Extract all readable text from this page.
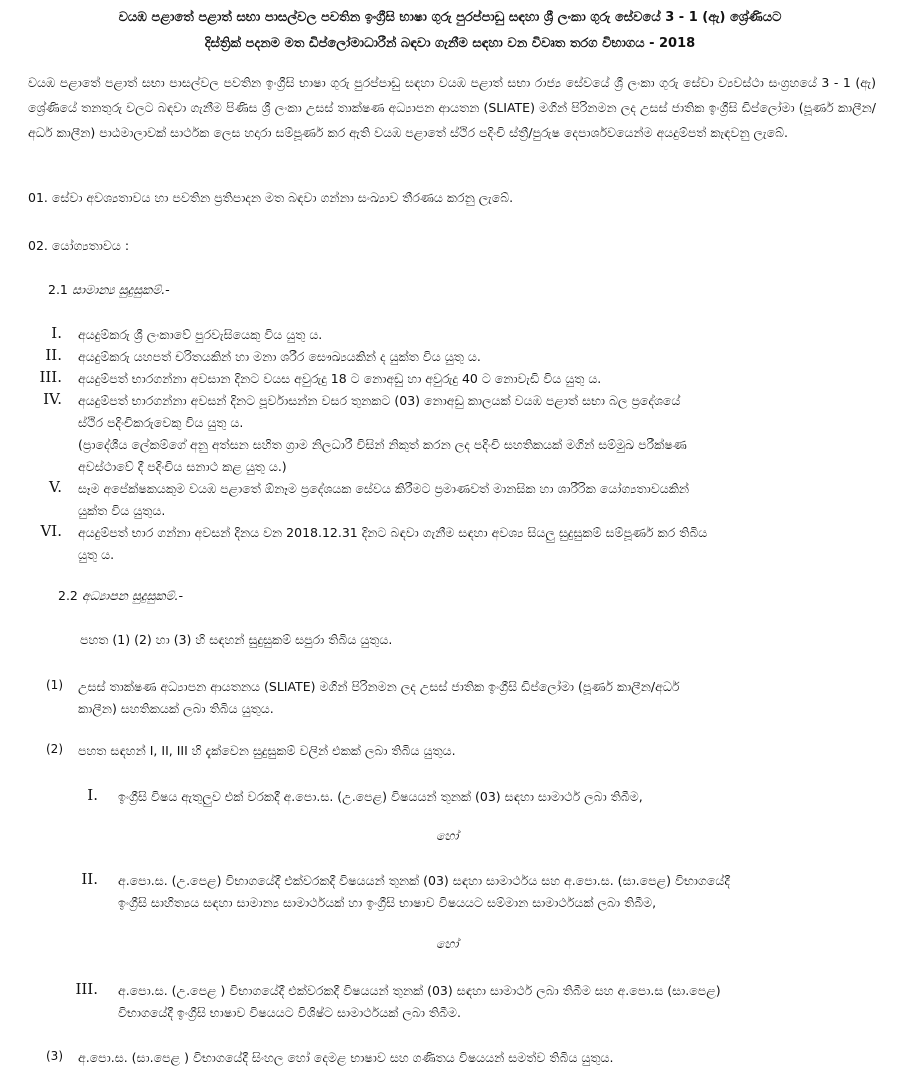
වයඹ පළාතේ පළාත් සභා පාසල්වල පවතින ඉංග්‍රීසි භාෂා ගුරු පුරප්පාඩු සඳහා ශ්‍රී ලංකා ගුරු සේවයේ 3 - 1 (ඇ) ශ්‍රේණියට
දිස්ත්‍රික් පදනම මත ඩිප්ලෝමාධාරීන් බඳවා ගැනීම සඳහා වන විවෘත තරග විභාගය - 2018
වයඹ පළාතේ පළාත් සභා පාසල්වල පවතින ඉංග්‍රීසි භාෂා ගුරු පුරප්පාඩු සඳහා වයඹ පළාත් සභා රාජ්‍ය සේවයේ ශ්‍රී ලංකා ගුරු සේවා ව්‍යවස්ථා සංග්‍රහයේ 3 - 1 (ඇ) ශ්‍රේණියේ තනතුරු වලට බඳවා ගැනීම පිණිස ශ්‍රී ලංකා උසස් තාක්ෂණ අධ්‍යාපන ආයතන (SLIATE) මගින් පිරිනමන ලද උසස් ජාතික ඉංග්‍රීසි ඩිප්ලෝමා (පූර්ණ කාලීන/අර්ධ කාලීන) පාඨමාලාවක් සාර්ථක ලෙස හදාරා සම්පූර්ණ කර ඇති වයඹ පළාතේ ස්ථිර පදිංචි ස්ත්‍රී/පුරුෂ දෙපාර්ශවයෙන්ම අයදුම්පත් කැඳවනු ලැබේ.
01. සේවා අවශ්‍යතාවය හා පවතින ප්‍රතිපාදන මත බඳවා ගන්නා සංඛ්‍යාව තීරණය කරනු ලැබේ.
02. යෝග්‍යතාවය :
2.1 සාමාන්‍ය සුදුසුකම්.-
I. අයදුම්කරු ශ්‍රී ලංකාවේ පුරවැසියෙකු විය යුතු ය.
II. අයදුම්කරු යහපත් චරිතයකින් හා මනා ශරීර සෞඛ්‍යයකින් ද යුක්ත විය යුතු ය.
III. අයදුම්පත් භාරගන්නා අවසාන දිනට වයස අවුරුදු 18 ට නොඅඩු හා අවුරුදු 40 ට නොවැඩි විය යුතු ය.
IV. අයදුම්පත් භාරගන්නා අවසන් දිනට පූර්වාසන්න වසර තුනකට (03) නොඅඩු කාලයක් වයඹ පළාත් සභා බල ප්‍රදේශයේ
ස්ථිර පදිංචිකරුවෙකු විය යුතු ය.
(ප්‍රාදේශීය ලේකම්ගේ අනු අත්සන සහිත ග්‍රාම නිලධාරී විසින් නිකුත් කරන ලද පදිංචි සහතිකයක් මගින් සම්මුඛ පරීක්ෂණ
අවස්ථාවේ දී පදිංචිය සනාථ කළ යුතු ය.)
V. සෑම අපේක්ෂකයකුම වයඹ පළාතේ ඕනෑම ප්‍රදේශයක සේවය කිරීමට ප්‍රමාණවත් මානසික හා ශාරීරික යෝග්‍යතාවයකින්
යුක්ත විය යුතුය.
VI. අයදුම්පත් භාර ගන්නා අවසන් දිනය වන 2018.12.31 දිනට බඳවා ගැනීම සඳහා අවශ්‍ය සියලු සුදුසුකම් සම්පූර්ණ කර තිබිය
යුතු ය.
2.2 අධ්‍යාපන සුදුසුකම්.-
පහත (1) (2) හා (3) හි සඳහන් සුදුසුකම් සපුරා තිබිය යුතුය.
(1) උසස් තාක්ෂණ අධ්‍යාපන ආයතනය (SLIATE) මගින් පිරිනමන ලද උසස් ජාතික ඉංග්‍රීසි ඩිප්ලෝමා (පූර්ණ කාලීන/අර්ධ
කාලීන) සහතිකයක් ලබා තිබිය යුතුය.
(2) පහත සඳහන් I, II, III හි දැක්වෙන සුදුසුකම් වලින් එකක් ලබා තිබිය යුතුය.
I. ඉංග්‍රීසි විෂය ඇතුලුව එක් වරකදී අ.පො.ස. (උ.පෙළ) විෂයයන් තුනක් (03) සඳහා සාමාර්ථ ලබා තිබීම,
හෝ
II. අ.පො.ස. (උ.පෙළ) විභාගයේදී එක්වරකදී විෂයයන් තුනක් (03) සඳහා සාමාර්ථය සහ අ.පො.ස. (සා.පෙළ) විභාගයේදී
ඉංග්‍රීසි සාහිත්‍යය සඳහා සාමාන්‍ය සාමාර්ථයක් හා ඉංග්‍රීසි භාෂාව විෂයයට සම්මාන සාමාර්ථයක් ලබා තිබීම,
හෝ
III. අ.පො.ස. (උ.පෙළ ) විභාගයේදී එක්වරකදී විෂයයන් තුනක් (03) සඳහා සාමාර්ථ ලබා තිබීම සහ අ.පො.ස (සා.පෙළ)
විභාගයේදී ඉංග්‍රීසි භාෂාව විෂයයට විශිෂ්ට සාමාර්ථයක් ලබා තිබීම.
(3) අ.පො.ස. (සා.පෙළ ) විභාගයේදී සිංහල හෝ දෙමළ භාෂාව සහ ගණිතය විෂයයන් සමත්ව තිබිය යුතුය.
